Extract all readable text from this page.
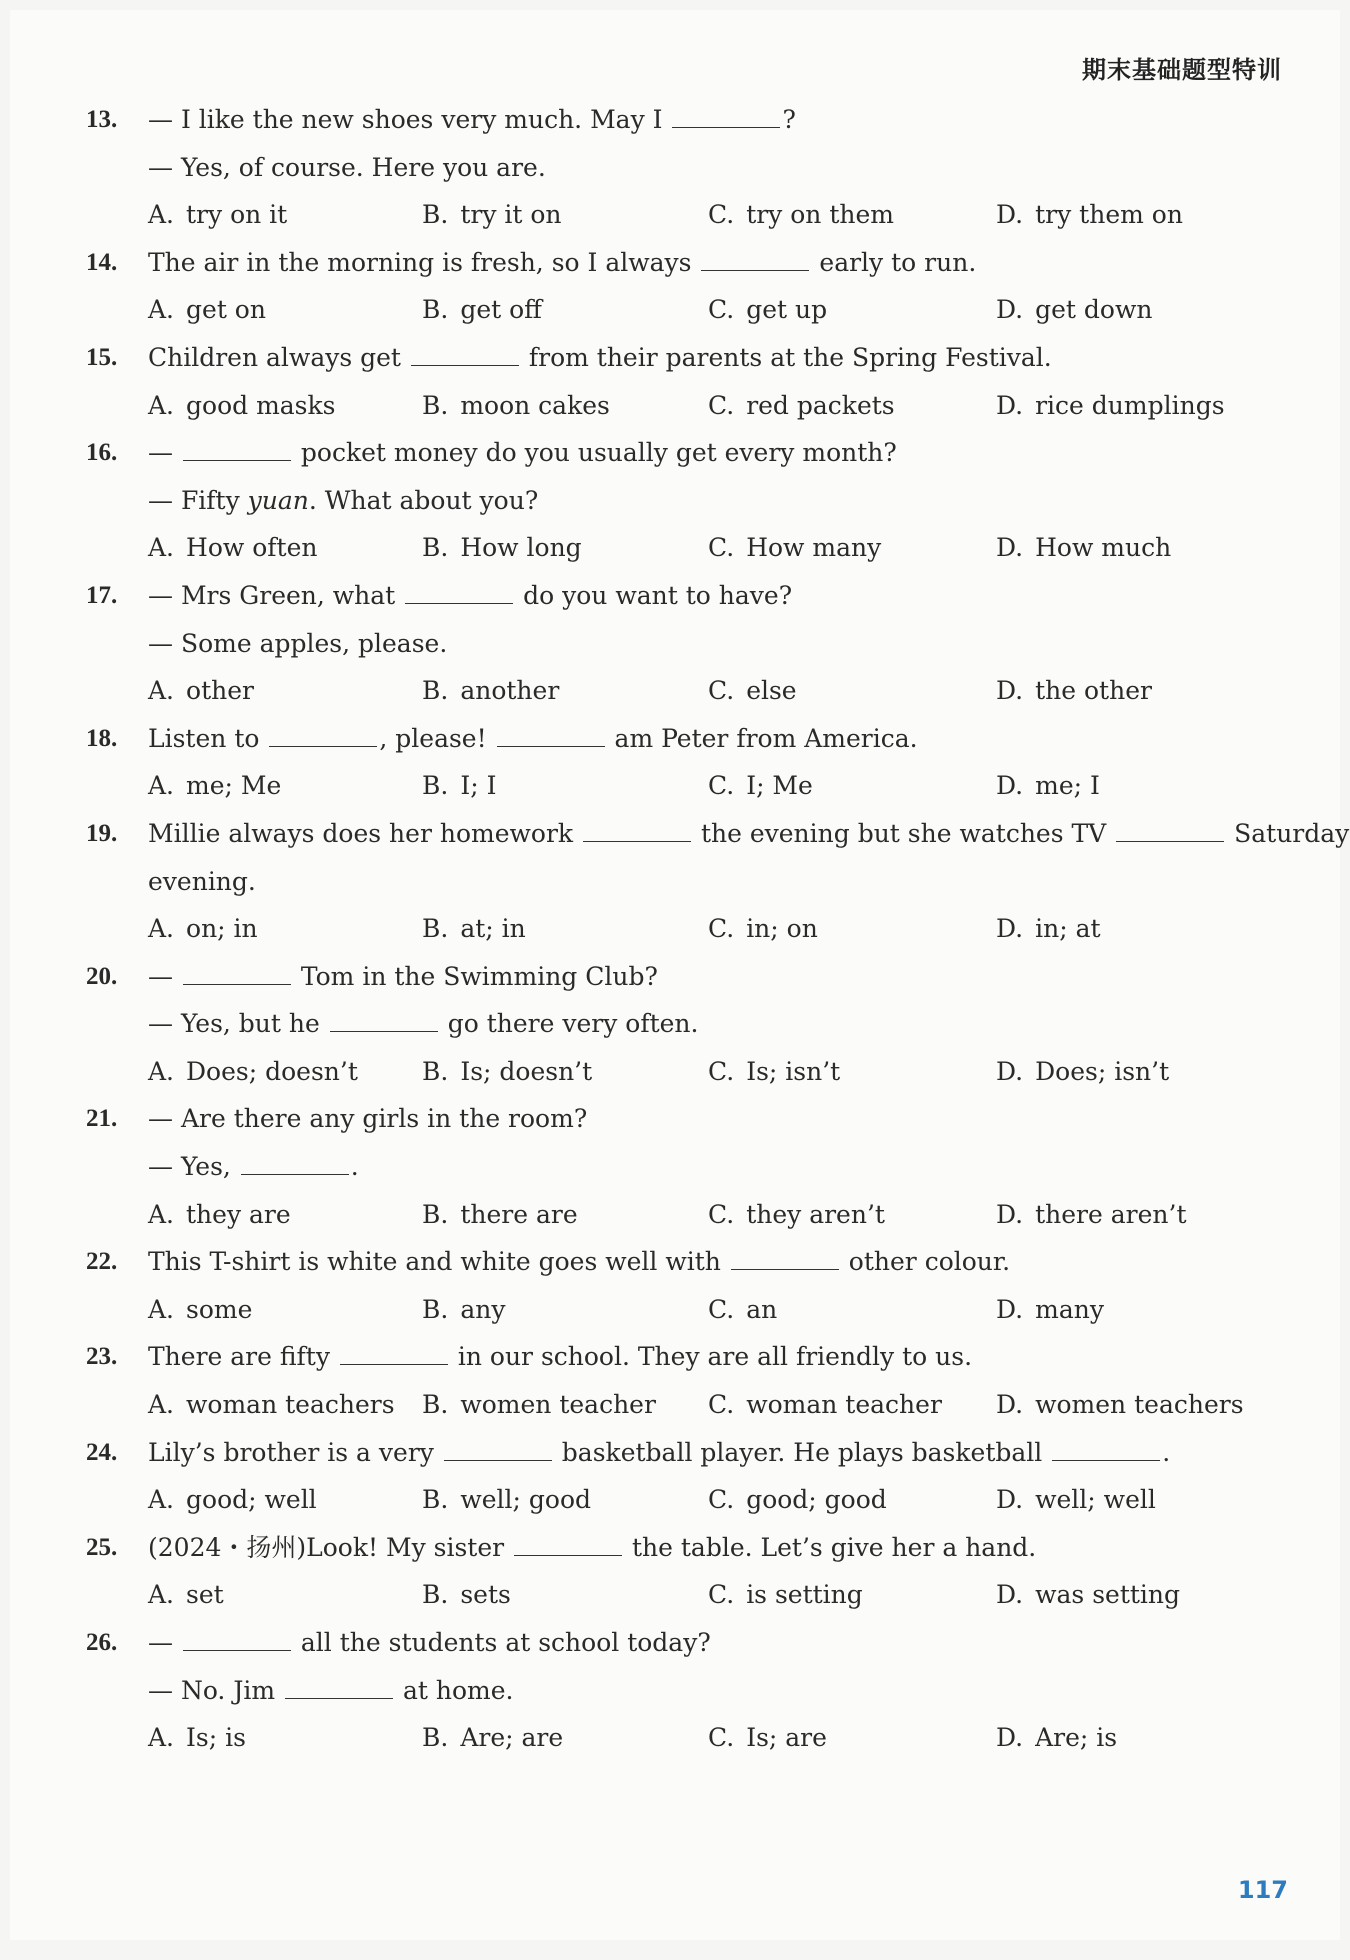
期末基础题型特训
13. — I like the new shoes very much. May I	?
— Yes, of course. Here you are.
A. try on it	B. try it on	C. try on them	D. try them on
14. The air in the morning is fresh, so I always	early to run.
A. get on	B. get off	C. get up	D. get down
15. Children always get	from their parents at the Spring Festival.
A. good masks	B. moon cakes	C. red packets	D. rice dumplings
16. —	pocket money do you usually get every month?
— Fifty yuan. What about you?
A. How often	B. How long	C. How many	D. How much
17. — Mrs Green, what	do you want to have?
— Some apples, please.
A. other	B. another	C. else	D. the other
18. Listen to	, please!	am Peter from America.
A. me; Me	B. I; I	C. I; Me	D. me; I
19. Millie always does her homework	the evening but she watches TV	Saturday
evening.
A. on; in	B. at; in	C. in; on	D. in; at
20. —	Tom in the Swimming Club?
— Yes, but he	go there very often.
A. Does; doesn’t	B. Is; doesn’t	C. Is; isn’t	D. Does; isn’t
21. — Are there any girls in the room?
— Yes,	.
A. they are	B. there are	C. they aren’t	D. there aren’t
22. This T-shirt is white and white goes well with	other colour.
A. some	B. any	C. an	D. many
23. There are fifty	in our school. They are all friendly to us.
A. woman teachers B. women teacher C. woman teacher D. women teachers
24. Lily’s brother is a very	basketball player. He plays basketball	.
A. good; well	B. well; good	C. good; good	D. well; well
25. (2024・扬州)Look! My sister	the table. Let’s give her a hand.
A. set	B. sets	C. is setting	D. was setting
26. —	all the students at school today?
— No. Jim	at home.
A. Is; is	B. Are; are	C. Is; are	D. Are; is
117
